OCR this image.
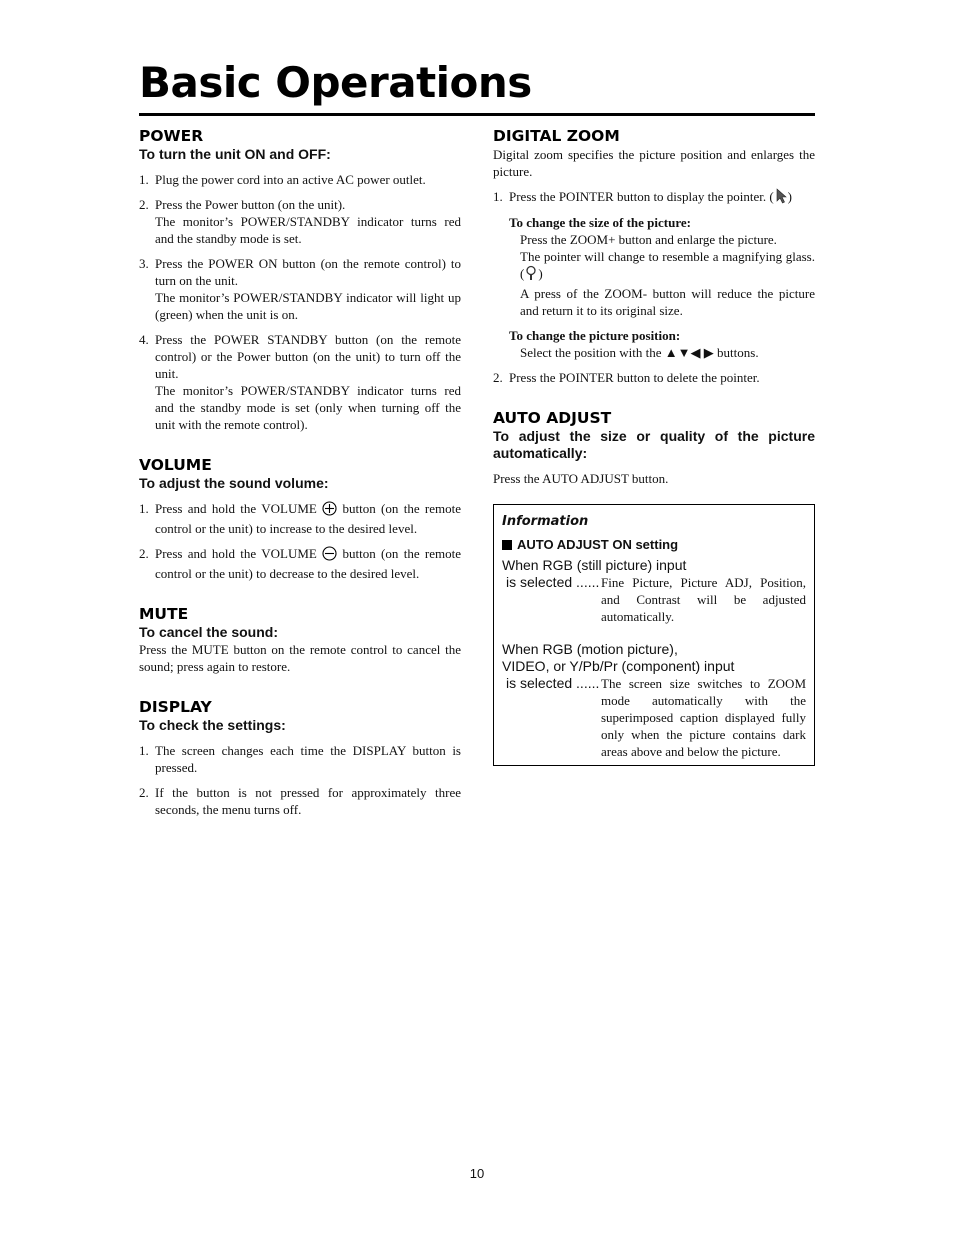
Basic Operations
POWER

To turn the unit ON and OFF:

1. Plug the power cord into an active AC power outlet.
2. Press the Power button (on the unit).
The monitor’s POWER/STANDBY indicator turns red and the standby mode is set.
3. Press the POWER ON button (on the remote control) to turn on the unit.
The monitor’s POWER/STANDBY indicator will light up (green) when the unit is on.
4. Press the POWER STANDBY button (on the remote control) or the Power button (on the unit) to turn off the unit.
The monitor’s POWER/STANDBY indicator turns red and the standby mode is set (only when turning off the unit with the remote control).
VOLUME

To adjust the sound volume:

1. Press and hold the VOLUME button (on the remote control or the unit) to increase to the desired level.
2. Press and hold the VOLUME button (on the remote control or the unit) to decrease to the desired level.
MUTE

To cancel the sound:

Press the MUTE button on the remote control to cancel the sound; press again to restore.

DISPLAY

To check the settings:

1. The screen changes each time the DISPLAY button is pressed.
2. If the button is not pressed for approximately three seconds, the menu turns off.
DIGITAL ZOOM

Digital zoom specifies the picture position and enlarges the picture.

1. Press the POINTER button to display the pointer. ( )

To change the size of the picture:

Press the ZOOM+ button and enlarge the picture.

The pointer will change to resemble a magnifying glass. ( )

A press of the ZOOM- button will reduce the picture and return it to its original size.

To change the picture position:

Select the position with the ▲▼◀ ▶ buttons.

2. Press the POINTER button to delete the pointer.
AUTO ADJUST

To adjust the size or quality of the picture automatically:

Press the AUTO ADJUST button.

Information

AUTO ADJUST ON setting

When RGB (still picture) input

is selected ...... Fine Picture, Picture ADJ, Position, and Contrast will be adjusted automatically.

When RGB (motion picture),

VIDEO, or Y/Pb/Pr (component) input

is selected ...... The screen size switches to ZOOM mode automatically with the superimposed caption displayed fully only when the picture contains dark areas above and below the picture.
10
